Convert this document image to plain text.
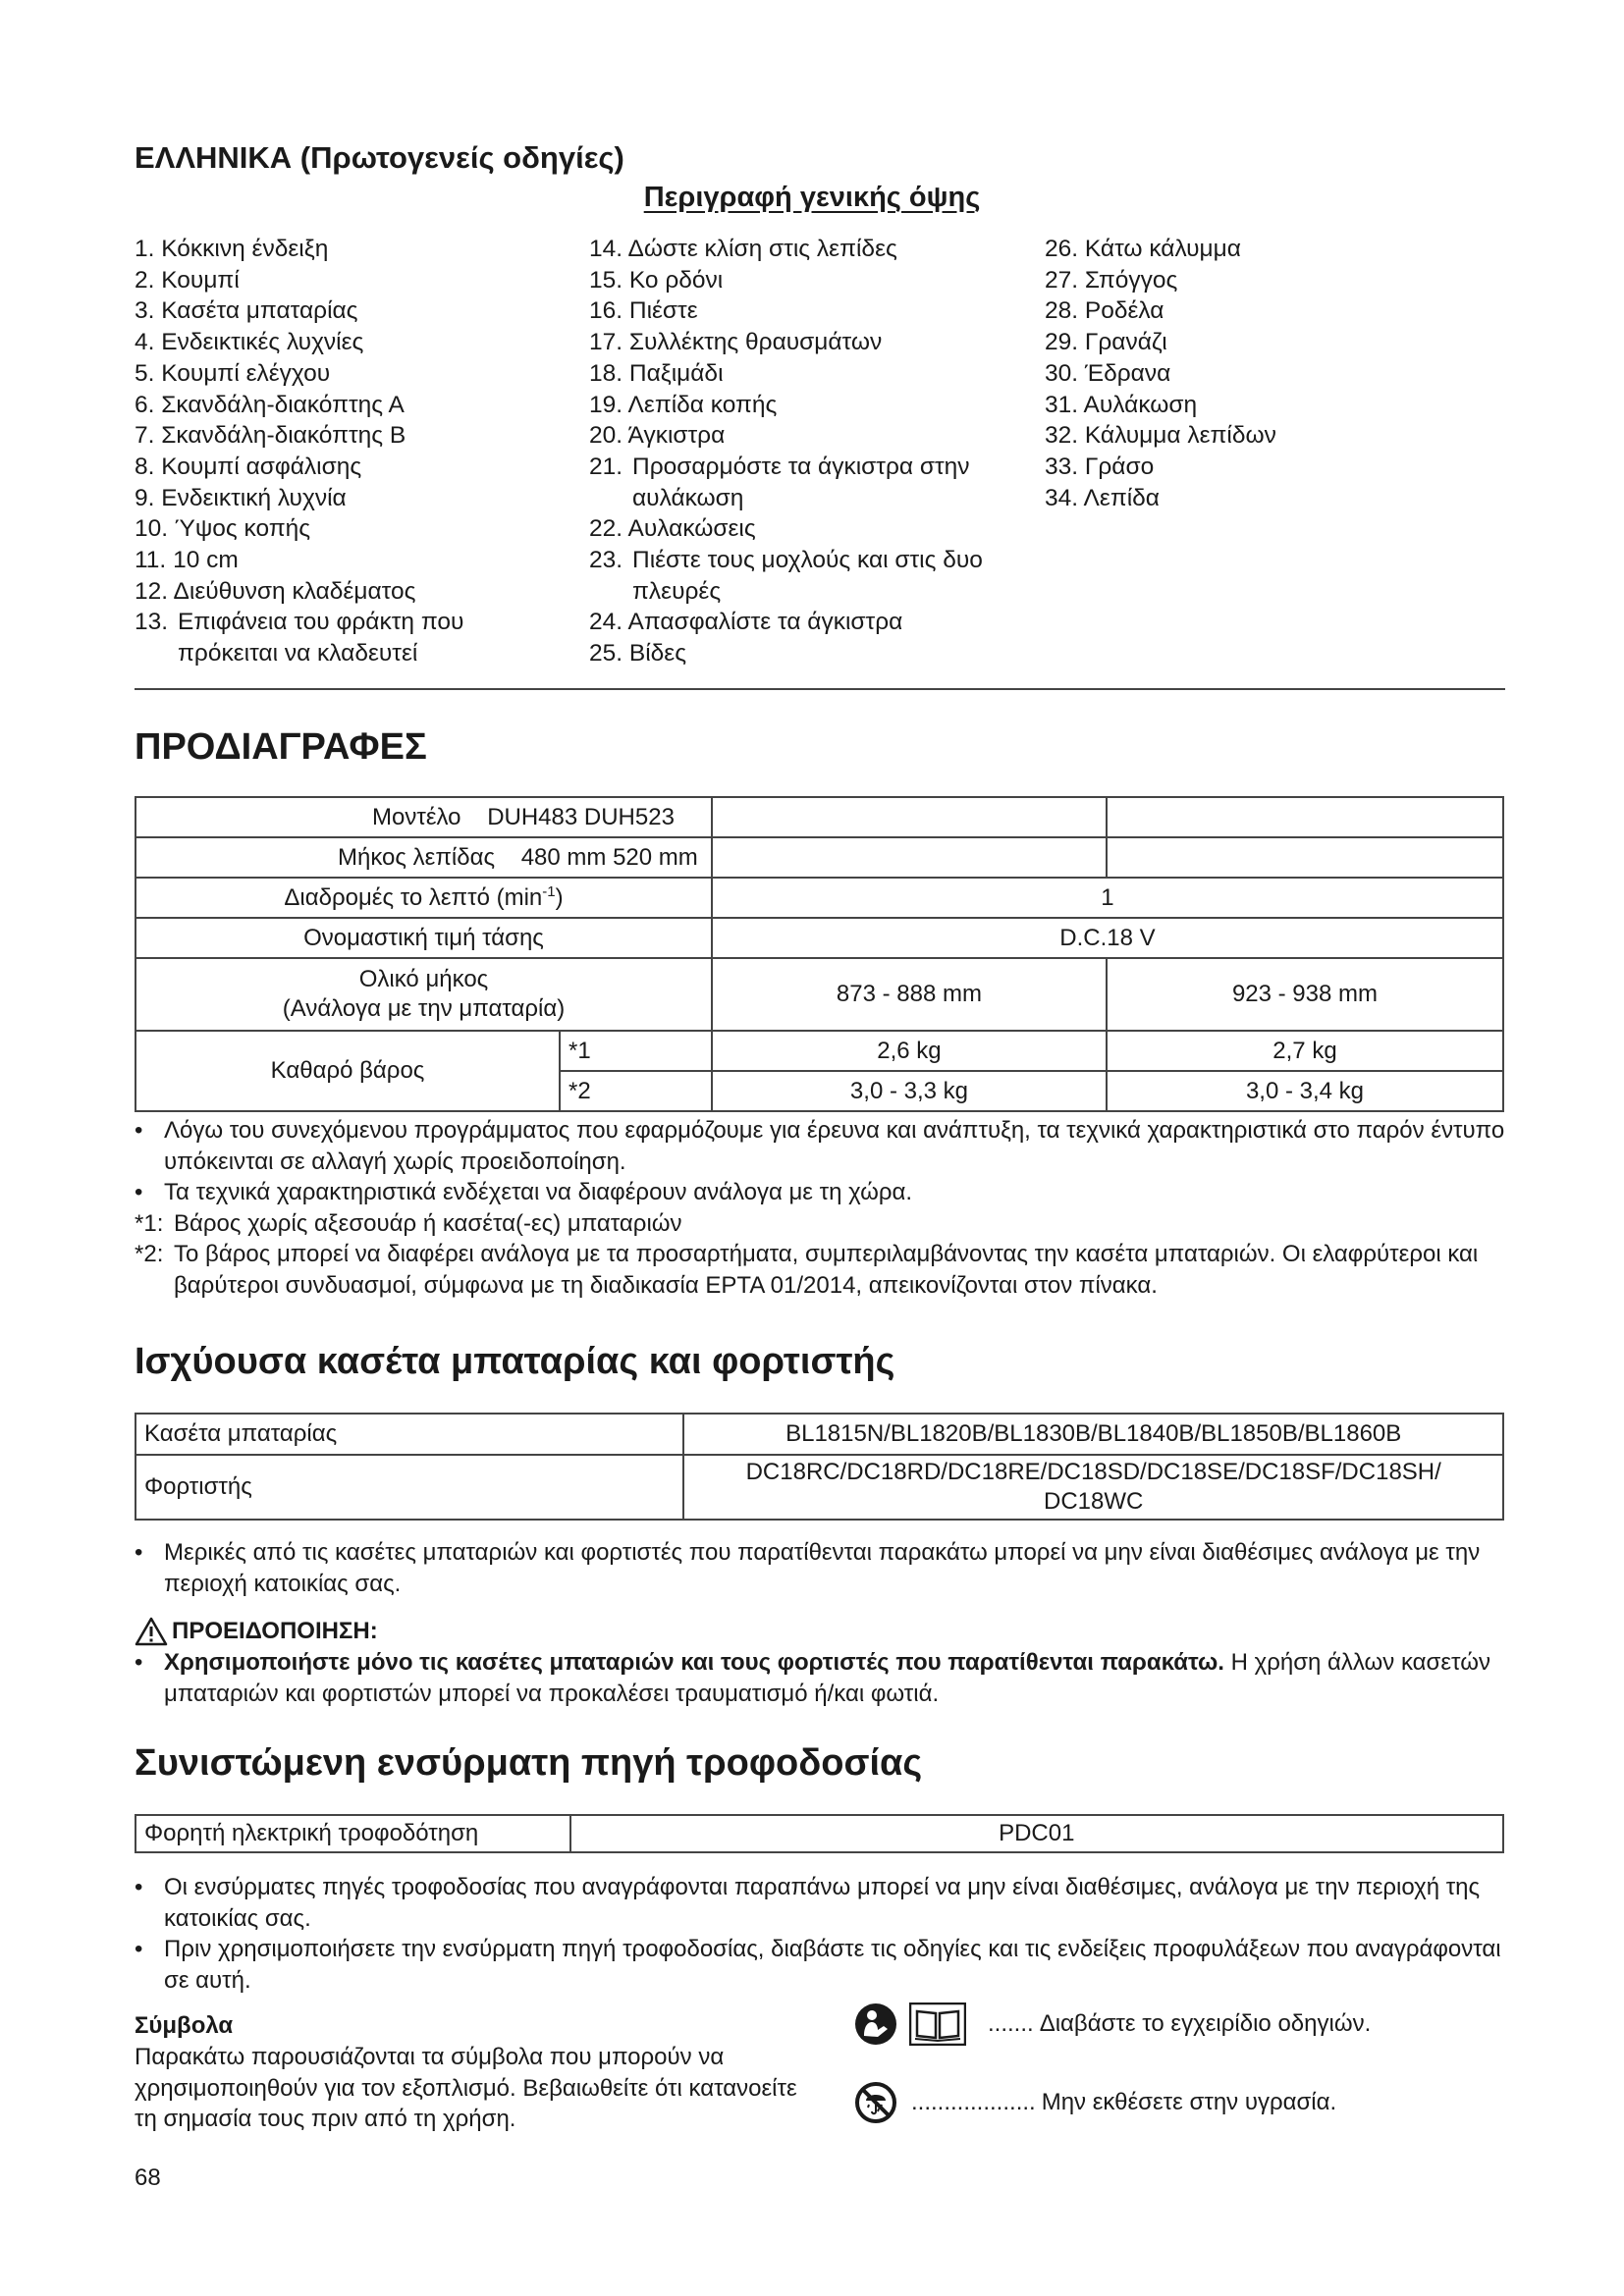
ΕΛΛΗΝΙΚΑ (Πρωτογενείς οδηγίες)
Περιγραφή γενικής όψης
1. Κόκκινη ένδειξη
2. Κουμπί
3. Κασέτα μπαταρίας
4. Ενδεικτικές λυχνίες
5. Κουμπί ελέγχου
6. Σκανδάλη-διακόπτης Α
7. Σκανδάλη-διακόπτης Β
8. Κουμπί ασφάλισης
9. Ενδεικτική λυχνία
10. Ύψος κοπής
11. 10 cm
12. Διεύθυνση κλαδέματος
13. Επιφάνεια του φράκτη που
πρόκειται να κλαδευτεί
14. Δώστε κλίση στις λεπίδες
15. Κο ρδόνι
16. Πιέστε
17. Συλλέκτης θραυσμάτων
18. Παξιμάδι
19. Λεπίδα κοπής
20. Άγκιστρα
21. Προσαρμόστε τα άγκιστρα στην
αυλάκωση
22. Αυλακώσεις
23. Πιέστε τους μοχλούς και στις δυο
πλευρές
24. Απασφαλίστε τα άγκιστρα
25. Βίδες
26. Κάτω κάλυμμα
27. Σπόγγος
28. Ροδέλα
29. Γρανάζι
30. Έδρανα
31. Αυλάκωση
32. Κάλυμμα λεπίδων
33. Γράσο
34. Λεπίδα
ΠΡΟΔΙΑΓΡΑΦΕΣ
Μοντέλο DUH483 DUH523			
Μήκος λεπίδας 480 mm 520 mm			
Διαδρομές το λεπτό $(\min^{-1})$		1	
Ονομαστική τιμή τάσης		D.C.18 V	

Ολικό μήκος
(Ανάλογα με την μπαταρία)		873 - 888 mm	923 - 938 mm
Καθαρό βάρος	*1	2,6 kg	2,7 kg
	*2	3,0 - 3,3 kg	3,0 - 3,4 kg
• Λόγω του συνεχόμενου προγράμματος που εφαρμόζουμε για έρευνα και ανάπτυξη, τα τεχνικά χαρακτηριστικά στο παρόν έντυπο υπόκεινται σε αλλαγή χωρίς προειδοποίηση.
• Τα τεχνικά χαρακτηριστικά ενδέχεται να διαφέρουν ανάλογα με τη χώρα.
*1: Βάρος χωρίς αξεσουάρ ή κασέτα(-ες) μπαταριών
*2: Το βάρος μπορεί να διαφέρει ανάλογα με τα προσαρτήματα, συμπεριλαμβάνοντας την κασέτα μπαταριών. Οι ελαφρύτεροι και βαρύτεροι συνδυασμοί, σύμφωνα με τη διαδικασία EPTA 01/2014, απεικονίζονται στον πίνακα.
Ισχύουσα κασέτα μπαταρίας και φορτιστής
Κασέτα μπαταρίας	BL1815N/BL1820B/BL1830B/BL1840B/BL1850B/BL1860B
Φορτιστής	DC18RC/DC18RD/DC18RE/DC18SD/DC18SE/DC18SF/DC18SH/
DC18WC
• Μερικές από τις κασέτες μπαταριών και φορτιστές που παρατίθενται παρακάτω μπορεί να μην είναι διαθέσιμες ανάλογα με την περιοχή κατοικίας σας.
ΠΡΟΕΙΔΟΠΟΙΗΣΗ:
• Χρησιμοποιήστε μόνο τις κασέτες μπαταριών και τους φορτιστές που παρατίθενται παρακάτω. Η χρήση άλλων κασετών μπαταριών και φορτιστών μπορεί να προκαλέσει τραυματισμό ή/και φωτιά.
Συνιστώμενη ενσύρματη πηγή τροφοδοσίας
Φορητή ηλεκτρική τροφοδότηση	PDC01
• Οι ενσύρματες πηγές τροφοδοσίας που αναγράφονται παραπάνω μπορεί να μην είναι διαθέσιμες, ανάλογα με την περιοχή της κατοικίας σας.
• Πριν χρησιμοποιήσετε την ενσύρματη πηγή τροφοδοσίας, διαβάστε τις οδηγίες και τις ενδείξεις προφυλάξεων που αναγράφονται σε αυτή.
Σύμβολα
Παρακάτω παρουσιάζονται τα σύμβολα που μπορούν να χρησιμοποιηθούν για τον εξοπλισμό. Βεβαιωθείτε ότι κατανοείτε τη σημασία τους πριν από τη χρήση.
....... Διαβάστε το εγχειρίδιο οδηγιών.
................... Μην εκθέσετε στην υγρασία.
68
